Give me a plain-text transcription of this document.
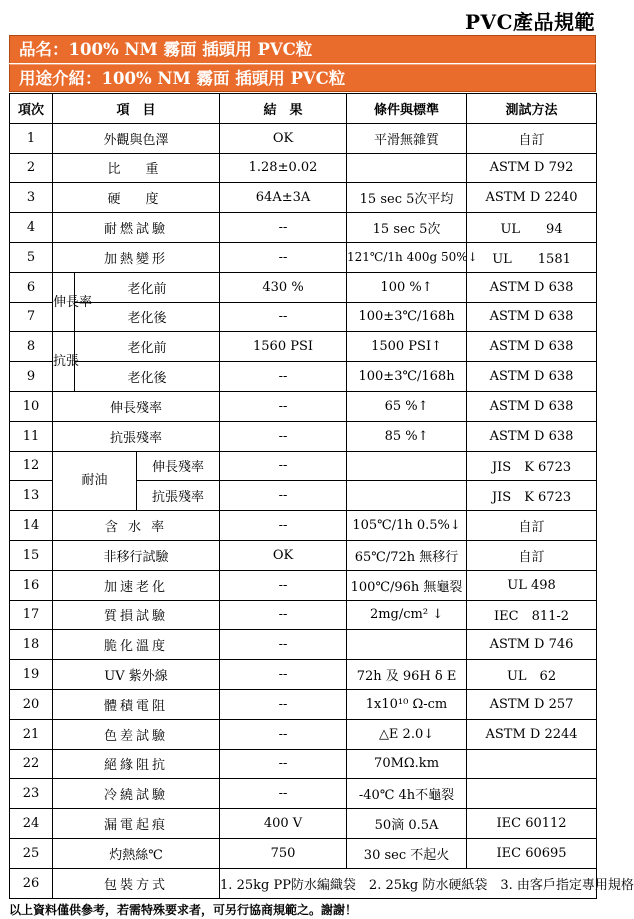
PVC產品規範
品名：100% NM 霧面 插頭用 PVC粒
用途介紹：100% NM 霧面 插頭用 PVC粒
項次	項　目			結　果	條件與標準	測試方法
1	外觀與色澤			OK	平滑無雜質	自訂
2	比　重			1.28±0.02		ASTM D 792
3	硬　度			64A±3A	15 sec 5次平均	ASTM D 2240
4	耐燃試驗			--	15 sec 5次	UL　　94
5	加熱變形			--	121℃/1h 400g 50%↓	UL　　1581
6	伸長率	老化前		430 %	100 %↑	ASTM D 638
7		老化後		--	100±3℃/168h	ASTM D 638
8	抗張	老化前		1560 PSI	1500 PSI↑	ASTM D 638
9		老化後		--	100±3℃/168h	ASTM D 638
10	伸長殘率			--	65 %↑	ASTM D 638
11	抗張殘率			--	85 %↑	ASTM D 638
12	耐油		伸長殘率	--		JIS　K 6723
13			抗張殘率	--		JIS　K 6723
14	含 水 率			--	105℃/1h 0.5%↓	自訂
15	非移行試驗			OK	65℃/72h 無移行	自訂
16	加速老化			--	100℃/96h 無龜裂	UL 498
17	質損試驗			--	2mg/cm² ↓	IEC　811-2
18	脆化溫度			--		ASTM D 746
19	UV 紫外線			--	72h 及 96H δ E	UL　62
20	體積電阻			--	1x10¹⁰ Ω-cm	ASTM D 257
21	色差試驗			--	△E 2.0↓	ASTM D 2244
22	絕緣阻抗			--	70MΩ.km	
23	冷繞試驗			--	-40℃ 4h不龜裂	
24	漏電起痕			400 V	50滴 0.5A	IEC 60112
25	灼熱絲℃			750	30 sec 不起火	IEC 60695
26	包裝方式			1. 25kg PP防水編織袋　2. 25kg 防水硬紙袋　3. 由客戶指定專用規格		
以上資料僅供參考，若需特殊要求者，可另行協商規範之。謝謝！
